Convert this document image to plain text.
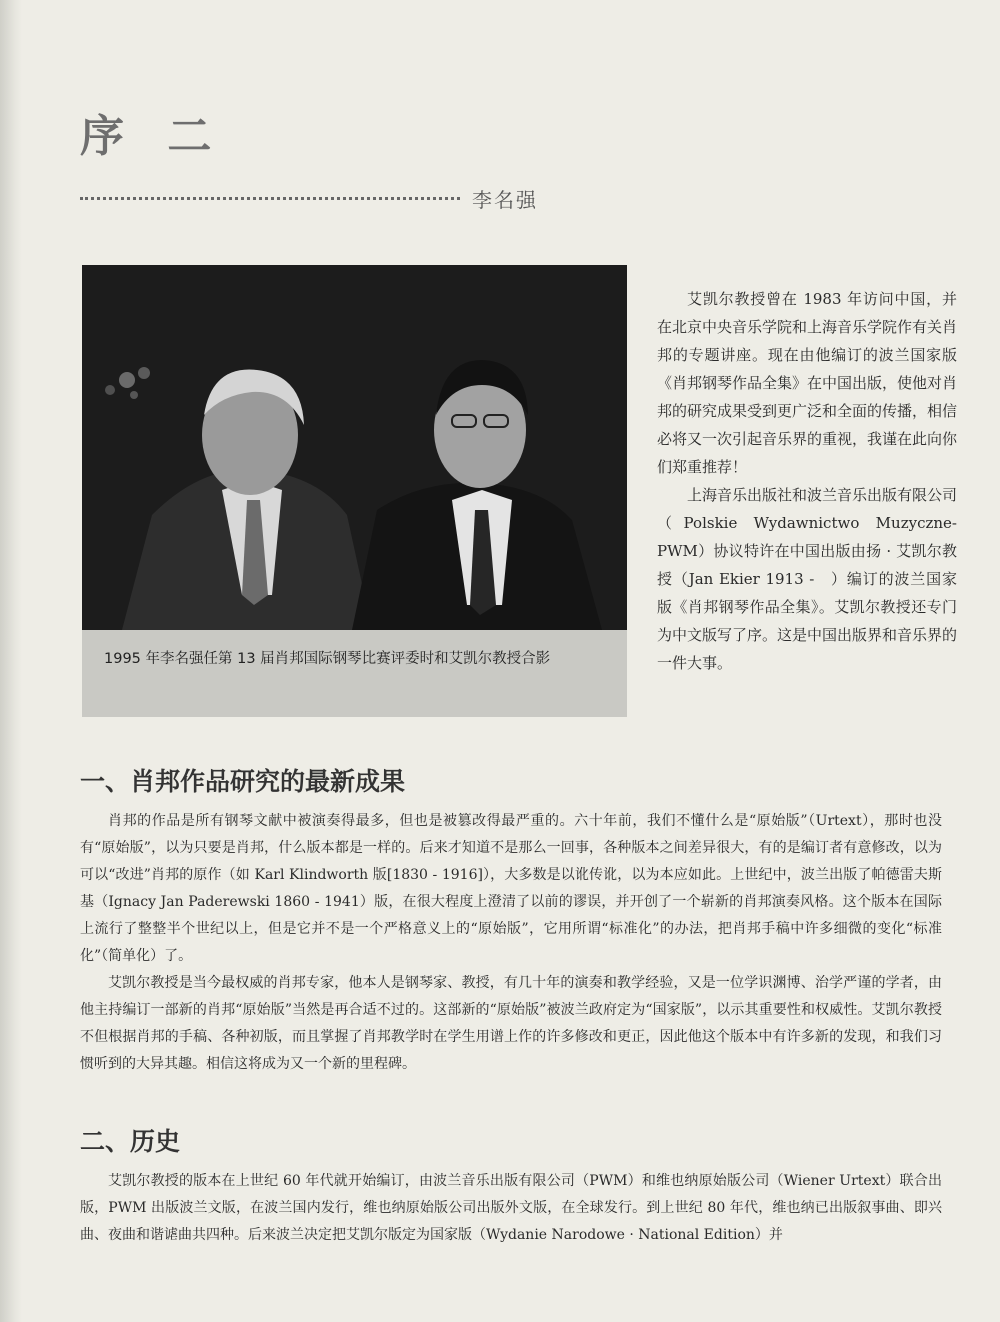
序 二
李名强
1995 年李名强任第 13 届肖邦国际钢琴比赛评委时和艾凯尔教授合影

艾凯尔教授曾在 1983 年访问中国，并在北京中央音乐学院和上海音乐学院作有关肖邦的专题讲座。现在由他编订的波兰国家版《肖邦钢琴作品全集》在中国出版，使他对肖邦的研究成果受到更广泛和全面的传播，相信必将又一次引起音乐界的重视，我谨在此向你们郑重推荐！

上海音乐出版社和波兰音乐出版有限公司（Polskie Wydawnictwo Muzyczne-PWM）协议特许在中国出版由扬 · 艾凯尔教授（Jan Ekier 1913 -　）编订的波兰国家版《肖邦钢琴作品全集》。艾凯尔教授还专门为中文版写了序。这是中国出版界和音乐界的一件大事。

一、肖邦作品研究的最新成果

肖邦的作品是所有钢琴文献中被演奏得最多，但也是被篡改得最严重的。六十年前，我们不懂什么是“原始版”（Urtext），那时也没有“原始版”，以为只要是肖邦，什么版本都是一样的。后来才知道不是那么一回事，各种版本之间差异很大，有的是编订者有意修改，以为可以“改进”肖邦的原作（如 Karl Klindworth 版[1830 - 1916]），大多数是以讹传讹，以为本应如此。上世纪中，波兰出版了帕德雷夫斯基（Ignacy Jan Paderewski 1860 - 1941）版，在很大程度上澄清了以前的谬误，并开创了一个崭新的肖邦演奏风格。这个版本在国际上流行了整整半个世纪以上，但是它并不是一个严格意义上的“原始版”，它用所谓“标准化”的办法，把肖邦手稿中许多细微的变化“标准化”（简单化）了。

艾凯尔教授是当今最权威的肖邦专家，他本人是钢琴家、教授，有几十年的演奏和教学经验，又是一位学识渊博、治学严谨的学者，由他主持编订一部新的肖邦“原始版”当然是再合适不过的。这部新的“原始版”被波兰政府定为“国家版”，以示其重要性和权威性。艾凯尔教授不但根据肖邦的手稿、各种初版，而且掌握了肖邦教学时在学生用谱上作的许多修改和更正，因此他这个版本中有许多新的发现，和我们习惯听到的大异其趣。相信这将成为又一个新的里程碑。

二、历史

艾凯尔教授的版本在上世纪 60 年代就开始编订，由波兰音乐出版有限公司（PWM）和维也纳原始版公司（Wiener Urtext）联合出版，PWM 出版波兰文版，在波兰国内发行，维也纳原始版公司出版外文版，在全球发行。到上世纪 80 年代，维也纳已出版叙事曲、即兴曲、夜曲和谐谑曲共四种。后来波兰决定把艾凯尔版定为国家版（Wydanie Narodowe · National Edition）并
